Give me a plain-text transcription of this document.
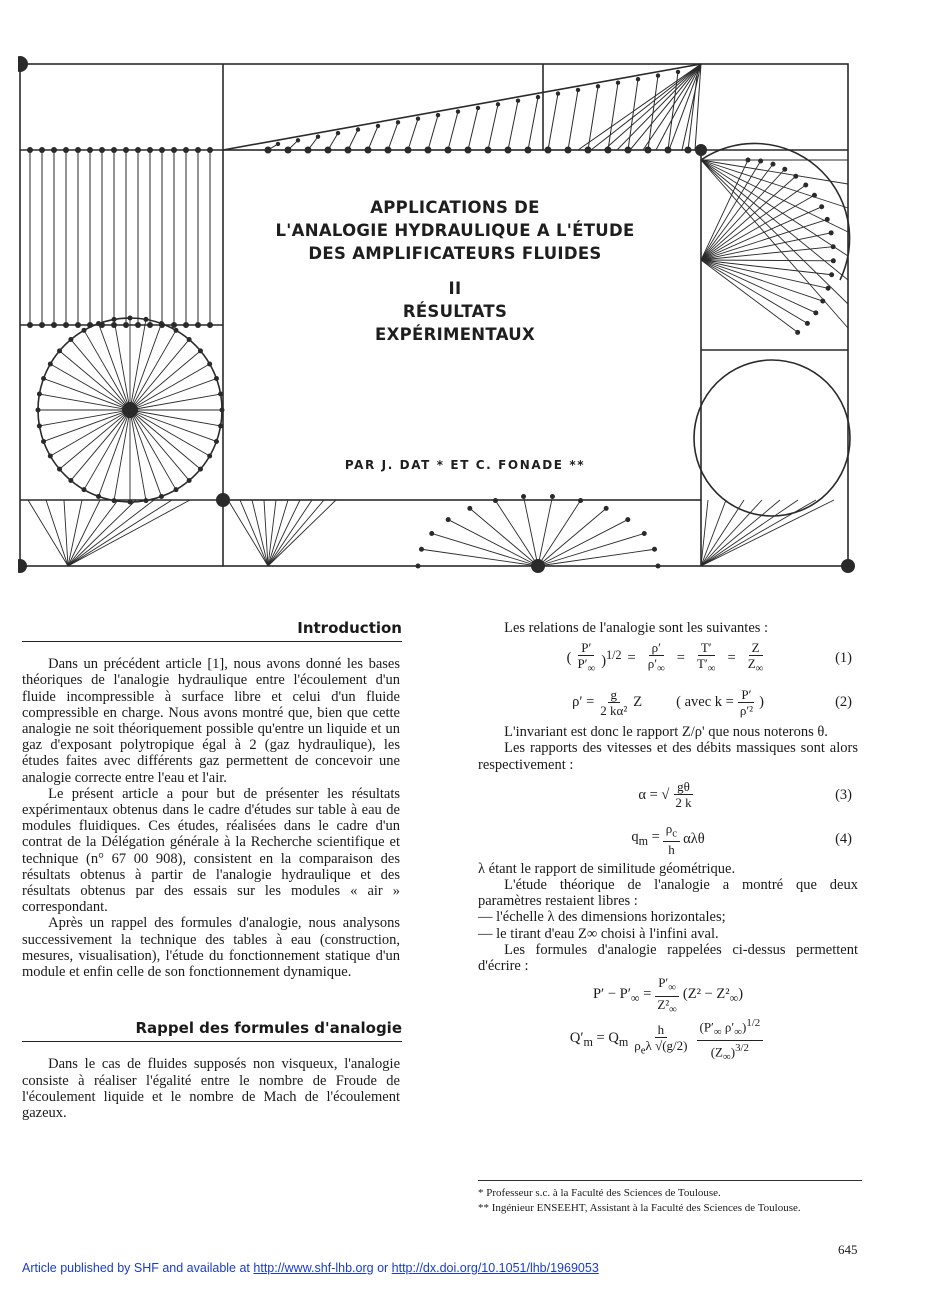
APPLICATIONS DE
L'ANALOGIE HYDRAULIQUE A L'ÉTUDE
DES AMPLIFICATEURS FLUIDES
II
RÉSULTATS
EXPÉRIMENTAUX
PAR J. DAT * ET C. FONADE **
Introduction

Dans un précédent article [1], nous avons donné les bases théoriques de l'analogie hydraulique entre l'écoulement d'un fluide incompressible à surface libre et celui d'un fluide compressible en charge. Nous avons montré que, bien que cette analogie ne soit théoriquement possible qu'entre un liquide et un gaz d'exposant polytropique égal à 2 (gaz hydraulique), les études faites avec différents gaz permettent de concevoir une analogie correcte entre l'eau et l'air.

Le présent article a pour but de présenter les résultats expérimentaux obtenus dans le cadre d'études sur table à eau de modules fluidiques. Ces études, réalisées dans le cadre d'un contrat de la Délégation générale à la Recherche scientifique et technique (n° 67 00 908), consistent en la comparaison des résultats obtenus à partir de l'analogie hydraulique et des résultats obtenus par des essais sur les modules « air » correspondant.

Après un rappel des formules d'analogie, nous analysons successivement la technique des tables à eau (construction, mesures, visualisation), l'étude du fonctionnement statique d'un module et enfin celle de son fonctionnement dynamique.

Rappel des formules d'analogie

Dans le cas de fluides supposés non visqueux, l'analogie consiste à réaliser l'égalité entre le nombre de Froude de l'écoulement liquide et le nombre de Mach de l'écoulement gazeux.

Les relations de l'analogie sont les suivantes :

( $\frac{P'}{P'_\infty} )^{1/2} = \frac{\rho'}{\rho'_\infty} = \frac{T'}{T'_\infty} = \frac{Z}{Z_\infty}$	(1)
$\rho' = \frac{g}{\text{2 kα²}}$ Z ( avec $k = \frac{P'}{\text{ρ′²}}$ )	(2)

L'invariant est donc le rapport Z/ρ' que nous noterons θ.

Les rapports des vitesses et des débits massiques sont alors respectivement :

α = √ $\frac{g\theta}{2 k}$	(3)
$q_m = \frac{\rho_c}{h}$ αλθ	(4)

λ étant le rapport de similitude géométrique.

L'étude théorique de l'analogie a montré que deux paramètres restaient libres :

— l'échelle λ des dimensions horizontales;

— le tirant d'eau Z∞ choisi à l'infini aval.

Les formules d'analogie rappelées ci-dessus permettent d'écrire :

$P' - P'_\infty = \frac{P'_\infty}{Z^2_\infty} (Z^2 - Z^2_\infty)$
$Q'_m = Q_m \frac{h}{\rho_e\lambda √(g/2)} \frac{(P'_\infty \rho'_\infty)^{1/2}}{(Z_\infty)^{3/2}}$
* Professeur s.c. à la Faculté des Sciences de Toulouse.
** Ingénieur ENSEEHT, Assistant à la Faculté des Sciences de Toulouse.
645
Article published by SHF and available at http://www.shf-lhb.org or http://dx.doi.org/10.1051/lhb/1969053
